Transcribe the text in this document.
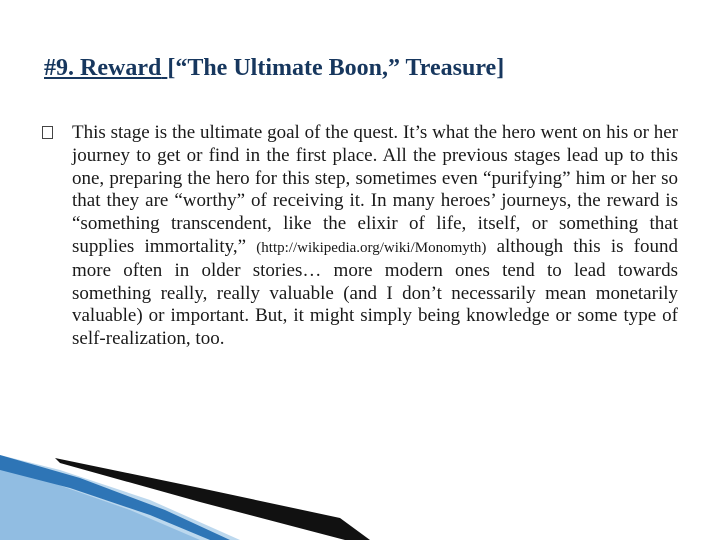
#9. Reward [“The Ultimate Boon,” Treasure]
This stage is the ultimate goal of the quest. It’s what the hero went on his or her journey to get or find in the first place. All the previous stages lead up to this one, preparing the hero for this step, sometimes even “purifying” him or her so that they are “worthy” of receiving it. In many heroes’ journeys, the reward is “something transcendent, like the elixir of life, itself, or something that supplies immortality,” (http://wikipedia.org/wiki/Monomyth) although this is found more often in older stories… more modern ones tend to lead towards something really, really valuable (and I don’t necessarily mean monetarily valuable) or important. But, it might simply being knowledge or some type of self-realization, too.
